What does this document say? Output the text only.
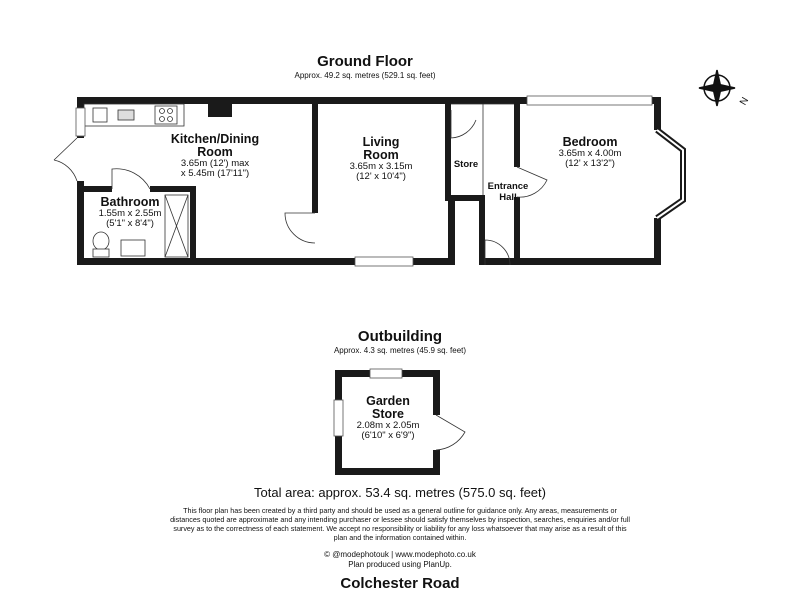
Ground Floor
Approx. 49.2 sq. metres (529.1 sq. feet)
N
Kitchen/Dining
Room
3.65m (12') max
x 5.45m (17'11")
Living
Room
3.65m x 3.15m
(12' x 10'4")
Store
Entrance
Hall
Bedroom
3.65m x 4.00m
(12' x 13'2")
Bathroom
1.55m x 2.55m
(5'1" x 8'4")
Outbuilding
Approx. 4.3 sq. metres (45.9 sq. feet)
Garden
Store
2.08m x 2.05m
(6'10" x 6'9")
Total area: approx. 53.4 sq. metres (575.0 sq. feet)
This floor plan has been created by a third party and should be used as a general outline for guidance only. Any areas, measurements or
distances quoted are approximate and any intending purchaser or lessee should satisfy themselves by inspection, searches, enquiries and/or full
survey as to the correctness of each statement. We accept no responsibility or liability for any loss whatsoever that may arise as a result of this
plan and the information contained within.
© @modephotouk | www.modephoto.co.uk
Plan produced using PlanUp.
Colchester Road
